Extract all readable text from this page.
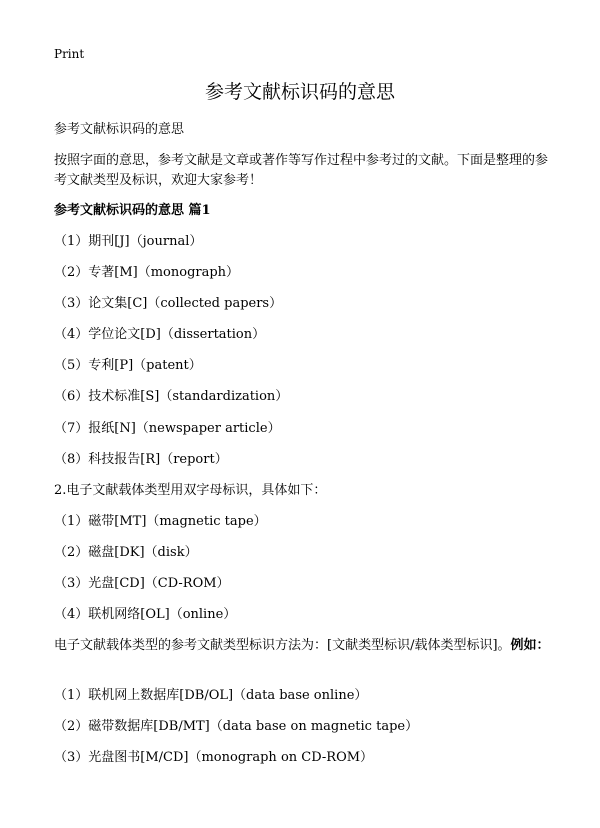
Print
参考文献标识码的意思
参考文献标识码的意思
按照字面的意思，参考文献是文章或著作等写作过程中参考过的文献。下面是整理的参考文献类型及标识，欢迎大家参考！
参考文献标识码的意思 篇1
（1）期刊[J]（journal）
（2）专著[M]（monograph）
（3）论文集[C]（collected papers）
（4）学位论文[D]（dissertation）
（5）专利[P]（patent）
（6）技术标准[S]（standardization）
（7）报纸[N]（newspaper article）
（8）科技报告[R]（report）
2.电子文献载体类型用双字母标识，具体如下：
（1）磁带[MT]（magnetic tape）
（2）磁盘[DK]（disk）
（3）光盘[CD]（CD-ROM）
（4）联机网络[OL]（online）
电子文献载体类型的参考文献类型标识方法为：[文献类型标识/载体类型标识]。例如：
（1）联机网上数据库[DB/OL]（data base online）
（2）磁带数据库[DB/MT]（data base on magnetic tape）
（3）光盘图书[M/CD]（monograph on CD-ROM）
